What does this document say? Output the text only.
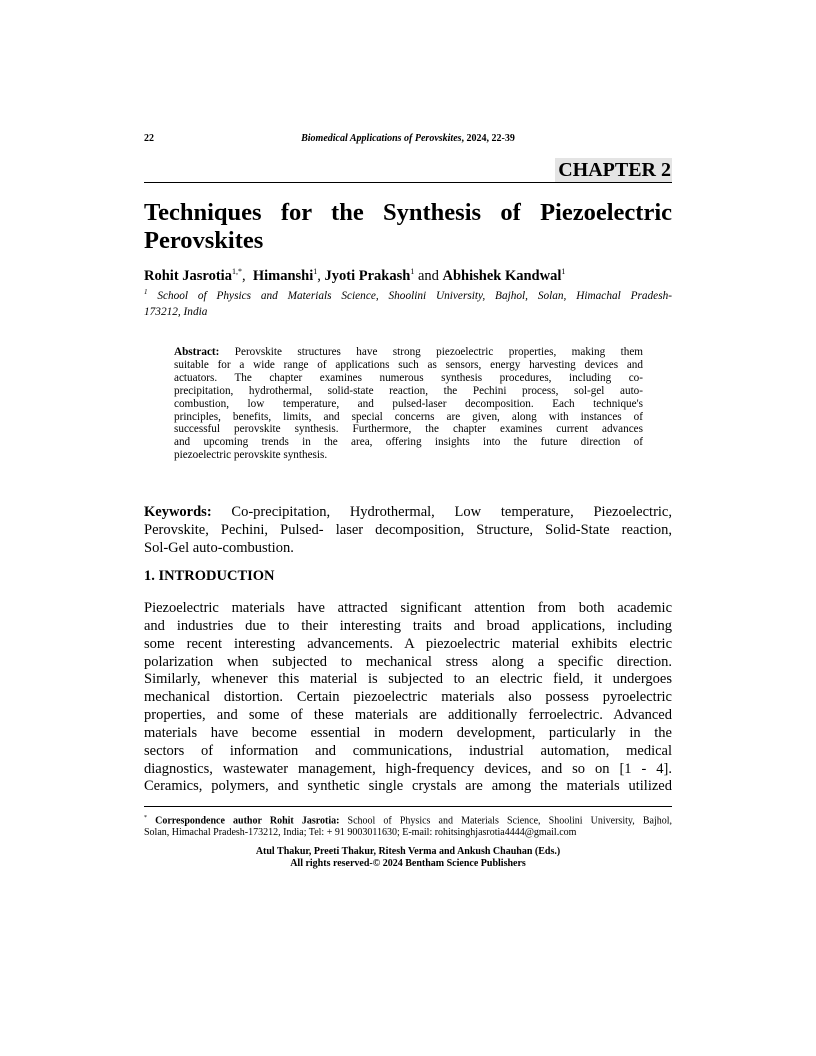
22	Biomedical Applications of Perovskites, 2024, 22-39
CHAPTER 2
Techniques for the Synthesis of Piezoelectric
Perovskites
Rohit Jasrotia$^{1,*}$,  Himanshi$^1$, Jyoti Prakash$^1$ and Abhishek Kandwal$^1$
$^1$ School of Physics and Materials Science, Shoolini University, Bajhol, Solan, Himachal Pradesh-
173212, India
Abstract: Perovskite structures have strong piezoelectric properties, making them
suitable for a wide range of applications such as sensors, energy harvesting devices and
actuators. The chapter examines numerous synthesis procedures, including co-
precipitation, hydrothermal, solid-state reaction, the Pechini process, sol-gel auto-
combustion, low temperature, and pulsed-laser decomposition. Each technique's
principles, benefits, limits, and special concerns are given, along with instances of
successful perovskite synthesis. Furthermore, the chapter examines current advances
and upcoming trends in the area, offering insights into the future direction of
piezoelectric perovskite synthesis.
Keywords: Co-precipitation, Hydrothermal, Low temperature, Piezoelectric,
Perovskite, Pechini, Pulsed- laser decomposition, Structure, Solid-State reaction,
Sol-Gel auto-combustion.
1. INTRODUCTION
Piezoelectric materials have attracted significant attention from both academic
and industries due to their interesting traits and broad applications, including
some recent interesting advancements. A piezoelectric material exhibits electric
polarization when subjected to mechanical stress along a specific direction.
Similarly, whenever this material is subjected to an electric field, it undergoes
mechanical distortion. Certain piezoelectric materials also possess pyroelectric
properties, and some of these materials are additionally ferroelectric. Advanced
materials have become essential in modern development, particularly in the
sectors of information and communications, industrial automation, medical
diagnostics, wastewater management, high-frequency devices, and so on [1 - 4].
Ceramics, polymers, and synthetic single crystals are among the materials utilized
* Correspondence author Rohit Jasrotia: School of Physics and Materials Science, Shoolini University, Bajhol,
Solan, Himachal Pradesh-173212, India; Tel: + 91 9003011630; E-mail: rohitsinghjasrotia4444@gmail.com
Atul Thakur, Preeti Thakur, Ritesh Verma and Ankush Chauhan (Eds.)
All rights reserved-© 2024 Bentham Science Publishers
